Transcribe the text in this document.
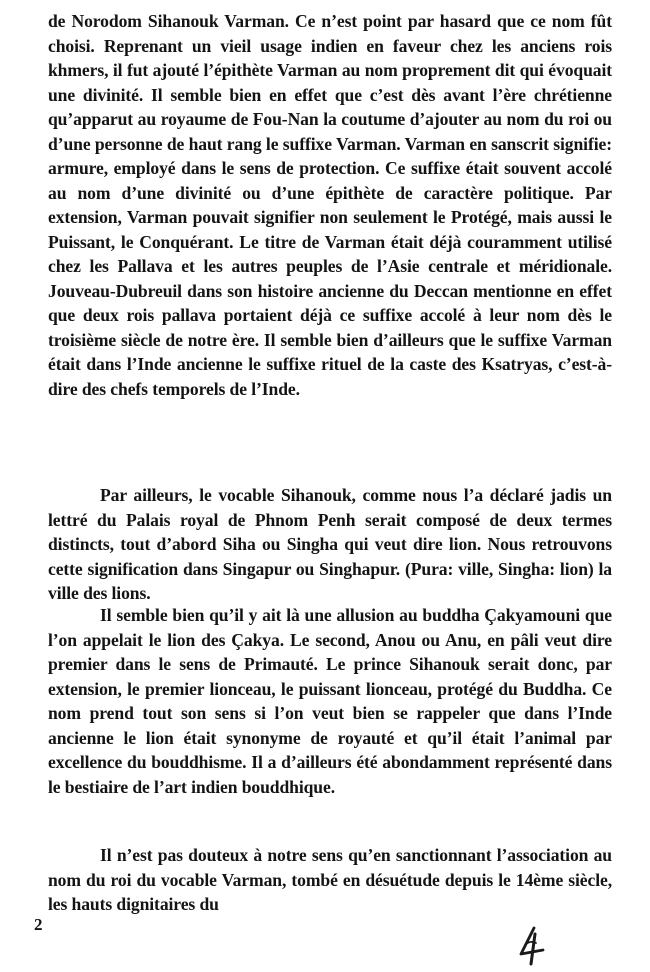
de Norodom Sihanouk Varman. Ce n’est point par hasard que ce nom fût choisi. Reprenant un vieil usage indien en faveur chez les anciens rois khmers, il fut ajouté l’épithète Varman au nom proprement dit qui évoquait une divinité. Il semble bien en effet que c’est dès avant l’ère chrétienne qu’apparut au royaume de Fou-Nan la coutume d’ajouter au nom du roi ou d’une personne de haut rang le suffixe Varman. Varman en sanscrit signifie: armure, employé dans le sens de protection. Ce suffixe était souvent accolé au nom d’une divinité ou d’une épithète de caractère politique. Par extension, Varman pouvait signifier non seulement le Protégé, mais aussi le Puissant, le Conquérant. Le titre de Varman était déjà couramment utilisé chez les Pallava et les autres peuples de l’Asie centrale et méridionale. Jouveau-Dubreuil dans son histoire ancienne du Deccan mentionne en effet que deux rois pallava portaient déjà ce suffixe accolé à leur nom dès le troisième siècle de notre ère. Il semble bien d’ailleurs que le suffixe Varman était dans l’Inde ancienne le suffixe rituel de la caste des Ksatryas, c’est-à-dire des chefs temporels de l’Inde.

Par ailleurs, le vocable Sihanouk, comme nous l’a déclaré jadis un lettré du Palais royal de Phnom Penh serait composé de deux termes distincts, tout d’abord Siha ou Singha qui veut dire lion. Nous retrouvons cette signification dans Singapur ou Singhapur. (Pura: ville, Singha: lion) la ville des lions.

Il semble bien qu’il y ait là une allusion au buddha Çakyamouni que l’on appelait le lion des Çakya. Le second, Anou ou Anu, en pâli veut dire premier dans le sens de Primauté. Le prince Sihanouk serait donc, par extension, le premier lionceau, le puissant lionceau, protégé du Buddha. Ce nom prend tout son sens si l’on veut bien se rappeler que dans l’Inde ancienne le lion était synonyme de royauté et qu’il était l’animal par excellence du bouddhisme. Il a d’ailleurs été abondamment représenté dans le bestiaire de l’art indien bouddhique.

Il n’est pas douteux à notre sens qu’en sanctionnant l’association au nom du roi du vocable Varman, tombé en désuétude depuis le 14ème siècle, les hauts dignitaires du

2
